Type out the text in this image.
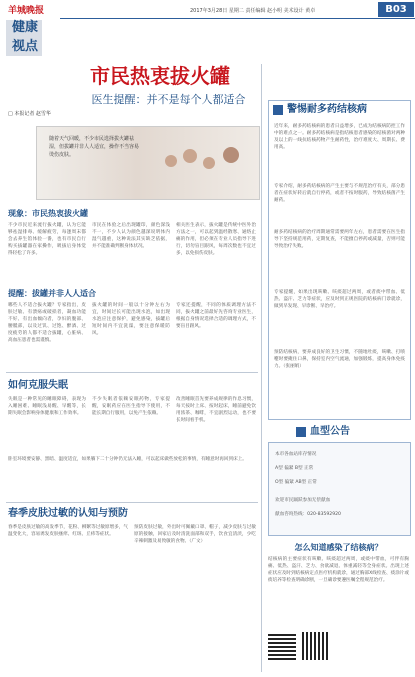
羊城晚报
健康
视点
2017年3月28日 星期二 责任编辑 赵小明 美术设计 黄卓	B03
市民热衷拔火罐
医生提醒：并不是每个人都适合
□ 本报记者 赵雪华
随着天气回暖，不少市民选择拔火罐祛湿，但拔罐并非人人适宜，操作不当容易烫伤皮肤。
现象：市民热衷拔火罐
不少市民近来流行拔火罐，认为它能够祛湿排毒、缓解疲劳，每逢周末都会去养生馆体验一番，也有市民自行购买拔罐器在家操作，吸拔后身体觉得轻松了许多。
市民在体验之后出现罐印，颜色深浅不一，不少人认为颜色越深说明体内湿气越重，这种说法其实缺乏依据，并不能准确判断身体状况。
相关医生表示，拔火罐是传统中医外治方法之一，可以起到温经散寒、通络止痛的作用，但必须在专业人员指导下进行，切勿盲目跟风，每周次数也不宜过多，以免损伤皮肤。
提醒：拔罐并非人人适合
哪些人不适合拔火罐？专家指出，皮肤过敏、有溃疡或破损者，凝血功能不好、有出血倾向者，孕妇的腹部、腰骶部，以及过饥、过饱、醉酒、过度疲劳的人都不适合拔罐，心脏病、高血压患者也需谨慎。
拔火罐的时间一般以十分钟左右为宜，时间过长可能出现水泡，如出现水泡应注意保护，避免感染，拔罐后短时间内不宜洗澡，要注意保暖防风。
专家还提醒，不同的体质调理方法不同，拔火罐之前最好先咨询专业医生，根据自身情况选择合适的调理方式，不要盲目跟风。
警惕耐多药结核病
近年来，耐多药结核病的患者日益增多，已成为结核病防控工作中的难点之一。耐多药结核病是指结核患者感染的结核菌对两种及以上的一线抗结核药物产生耐药性，治疗难度大、周期长、费用高。
专家介绍，耐多药结核病的产生主要与不规范治疗有关，部分患者在症状好转后就自行停药，或者不按时服药，导致结核菌产生耐药。
耐多药结核病的治疗周期通常需要两年左右，患者需要在医生指导下坚持规范用药，定期复查，不能擅自停药或减量，否则可能导致治疗失败。
专家提醒，如果出现咳嗽、咳痰超过两周，或者痰中带血、低热、盗汗、乏力等症状，应及时到正规医院的结核病门诊就诊，做到早发现、早诊断、早治疗。
预防结核病，要养成良好的卫生习惯，不随地吐痰，咳嗽、打喷嚏时要掩住口鼻，保持室内空气流通，加强锻炼，提高身体免疫力。（张丽娟）
血型公告
本市各血站库存情况
A型 偏紧 B型 正常
O型 偏紧 AB型 正常
欢迎市民踊跃参加无偿献血
献血咨询热线：020-83592920
怎么知道感染了结核病？
结核病的主要症状有咳嗽、咳痰超过两周，或痰中带血，可伴有胸痛、低热、盗汗、乏力、食欲减退、体重减轻等全身症状。出现上述症状应及时到结核病定点医疗机构就诊，通过胸部X线检查、痰涂片或痰培养等检查明确诊断，一旦确诊要遵医嘱全程规范治疗。
如何克服失眠
失眠是一种常见的睡眠障碍，表现为入睡困难、睡眠浅易醒、早醒等，长期失眠会影响身体健康和工作效率。
不少失眠者依赖安眠药物，专家提醒，安眠药应在医生指导下使用，不能长期自行服用，以免产生依赖。
改善睡眠首先要养成规律的作息习惯，每天按时上床、按时起床，睡前避免饮用浓茶、咖啡，不宜剧烈运动，也不要长时间看手机。
卧室环境要安静、黑暗、温度适宜，如果躺下二十分钟仍无法入睡，可以起床做些放松的事情，有睡意时再回到床上。
春季皮肤过敏的认知与预防
春季是皮肤过敏的高发季节，花粉、柳絮等过敏原增多，气温变化大，容易诱发皮肤瘙痒、红斑、丘疹等症状。
预防皮肤过敏，外出时可佩戴口罩、帽子，减少皮肤与过敏原的接触，回家后及时清洗面部和双手，饮食宜清淡，少吃辛辣刺激及易致敏的食物。（广文）
